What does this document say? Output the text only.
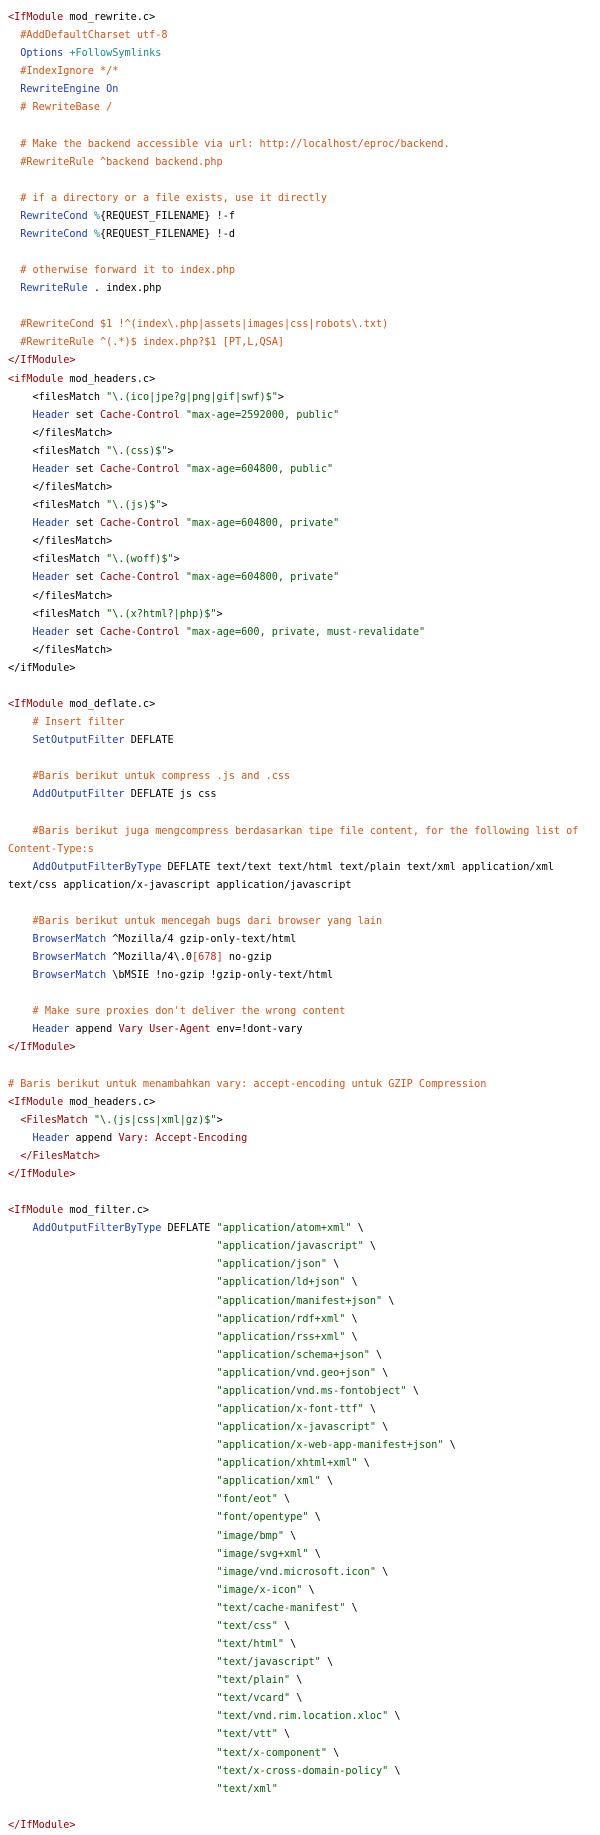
<IfModule mod_rewrite.c>
#AddDefaultCharset utf-8
Options +FollowSymlinks
#IndexIgnore */*
RewriteEngine On
# RewriteBase /
# Make the backend accessible via url: http://localhost/eproc/backend.
#RewriteRule ^backend backend.php
# if a directory or a file exists, use it directly
RewriteCond %{REQUEST_FILENAME} !-f
RewriteCond %{REQUEST_FILENAME} !-d
# otherwise forward it to index.php
RewriteRule . index.php
#RewriteCond $1 !^(index\.php|assets|images|css|robots\.txt)
#RewriteRule ^(.*)$ index.php?$1 [PT,L,QSA]
</IfModule>
<ifModule mod_headers.c>
<filesMatch "\.(ico|jpe?g|png|gif|swf)$">
Header set Cache-Control "max-age=2592000, public"
</filesMatch>
<filesMatch "\.(css)$">
Header set Cache-Control "max-age=604800, public"
</filesMatch>
<filesMatch "\.(js)$">
Header set Cache-Control "max-age=604800, private"
</filesMatch>
<filesMatch "\.(woff)$">
Header set Cache-Control "max-age=604800, private"
</filesMatch>
<filesMatch "\.(x?html?|php)$">
Header set Cache-Control "max-age=600, private, must-revalidate"
</filesMatch>
</ifModule>
<IfModule mod_deflate.c>
# Insert filter
SetOutputFilter DEFLATE
#Baris berikut untuk compress .js and .css
AddOutputFilter DEFLATE js css
#Baris berikut juga mengcompress berdasarkan tipe file content, for the following list of
Content-Type:s
AddOutputFilterByType DEFLATE text/text text/html text/plain text/xml application/xml
text/css application/x-javascript application/javascript
#Baris berikut untuk mencegah bugs dari browser yang lain
BrowserMatch ^Mozilla/4 gzip-only-text/html
BrowserMatch ^Mozilla/4\.0[678] no-gzip
BrowserMatch \bMSIE !no-gzip !gzip-only-text/html
# Make sure proxies don't deliver the wrong content
Header append Vary User-Agent env=!dont-vary
</IfModule>
# Baris berikut untuk menambahkan vary: accept-encoding untuk GZIP Compression
<IfModule mod_headers.c>
<FilesMatch "\.(js|css|xml|gz)$">
Header append Vary: Accept-Encoding
</FilesMatch>
</IfModule>
<IfModule mod_filter.c>
AddOutputFilterByType DEFLATE "application/atom+xml" \
"application/javascript" \
"application/json" \
"application/ld+json" \
"application/manifest+json" \
"application/rdf+xml" \
"application/rss+xml" \
"application/schema+json" \
"application/vnd.geo+json" \
"application/vnd.ms-fontobject" \
"application/x-font-ttf" \
"application/x-javascript" \
"application/x-web-app-manifest+json" \
"application/xhtml+xml" \
"application/xml" \
"font/eot" \
"font/opentype" \
"image/bmp" \
"image/svg+xml" \
"image/vnd.microsoft.icon" \
"image/x-icon" \
"text/cache-manifest" \
"text/css" \
"text/html" \
"text/javascript" \
"text/plain" \
"text/vcard" \
"text/vnd.rim.location.xloc" \
"text/vtt" \
"text/x-component" \
"text/x-cross-domain-policy" \
"text/xml"
</IfModule>
